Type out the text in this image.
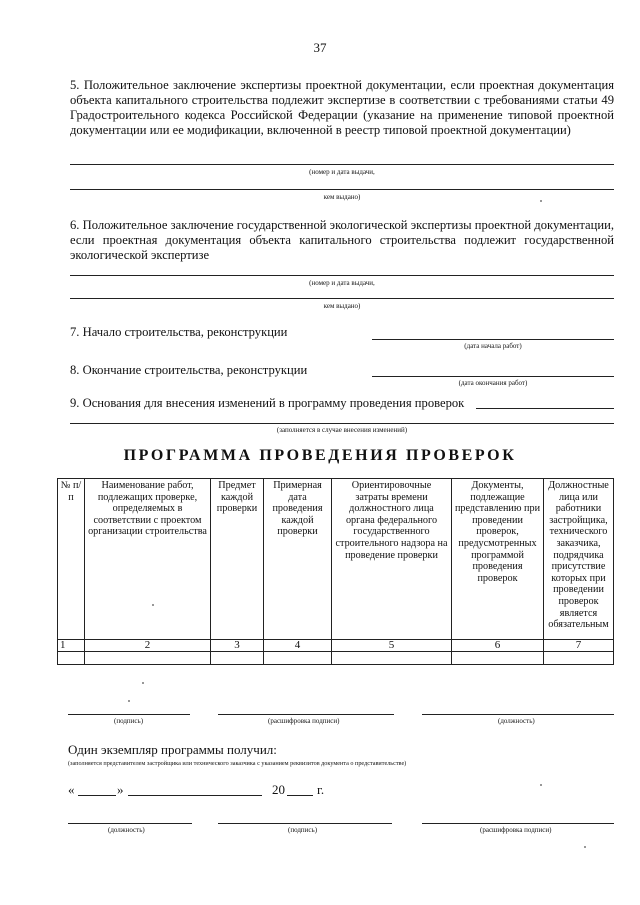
37
5. Положительное заключение экспертизы проектной документации, если проектная документация объекта капитального строительства подлежит экспертизе в соответствии с требованиями статьи 49 Градостроительного кодекса Российской Федерации (указание на применение типовой проектной документации или ее модификации, включенной в реестр типовой проектной документации)
(номер и дата выдачи,
кем выдано)
6. Положительное заключение государственной экологической экспертизы проектной документации, если проектная документация объекта капитального строительства подлежит государственной экологической экспертизе
(номер и дата выдачи,
кем выдано)
7. Начало строительства, реконструкции
(дата начала работ)
8. Окончание строительства, реконструкции
(дата окончания работ)
9. Основания для внесения изменений в программу проведения проверок
(заполняется в случае внесения изменений)
ПРОГРАММА ПРОВЕДЕНИЯ ПРОВЕРОК
№ п/п	Наименование работ, подлежащих проверке, определяемых в соответствии с проектом организации строительства	Предмет каждой проверки	Примерная дата проведения каждой проверки	Ориентировочные затраты времени должностного лица органа федерального государственного строительного надзора на проведение проверки	Документы, подлежащие представлению при проведении проверок, предусмотренных программой проведения проверок	Должностные лица или работники застройщика, технического заказчика, подрядчика присутствие которых при проведении проверок является обязательным
1	2	3	4	5	6	7

(подпись)	(расшифровка подписи)	(должность)
Один экземпляр программы получил:
(заполняется представителем застройщика или технического заказчика с указанием реквизитов документа о представительстве)
«	»	20 г.
(должность)	(подпись)	(расшифровка подписи)
